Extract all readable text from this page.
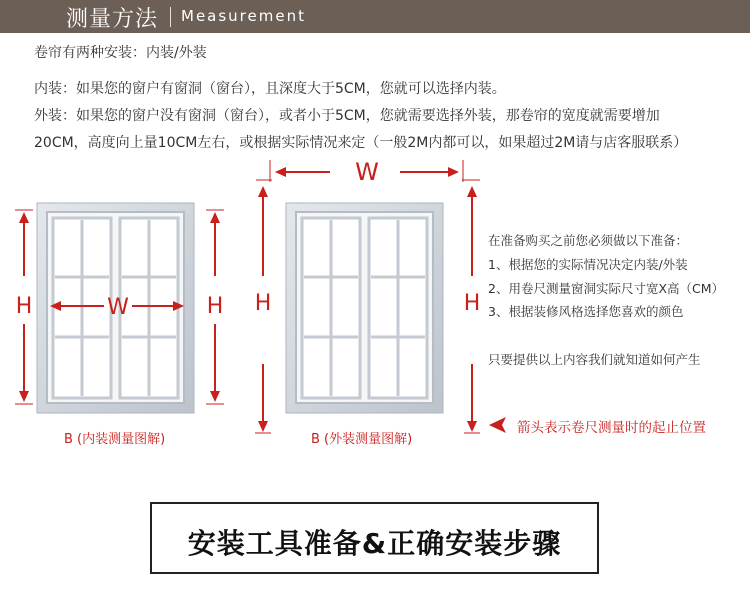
测量方法 Measurement
卷帘有两种安装：内装/外装
内装：如果您的窗户有窗洞（窗台），且深度大于5CM，您就可以选择内装。
外装：如果您的窗户没有窗洞（窗台），或者小于5CM，您就需要选择外装，那卷帘的宽度就需要增加
20CM，高度向上量10CM左右，或根据实际情况来定（一般2M内都可以，如果超过2M请与店客服联系）
H	H
W
W
H	H
B (内装测量图解)	B (外装测量图解)
在准备购买之前您必须做以下准备：
1、根据您的实际情况决定内装/外装
2、用卷尺测量窗洞实际尺寸宽X高（CM）
3、根据装修风格选择您喜欢的颜色
只要提供以上内容我们就知道如何产生
箭头表示卷尺测量时的起止位置
安装工具准备&正确安装步骤
